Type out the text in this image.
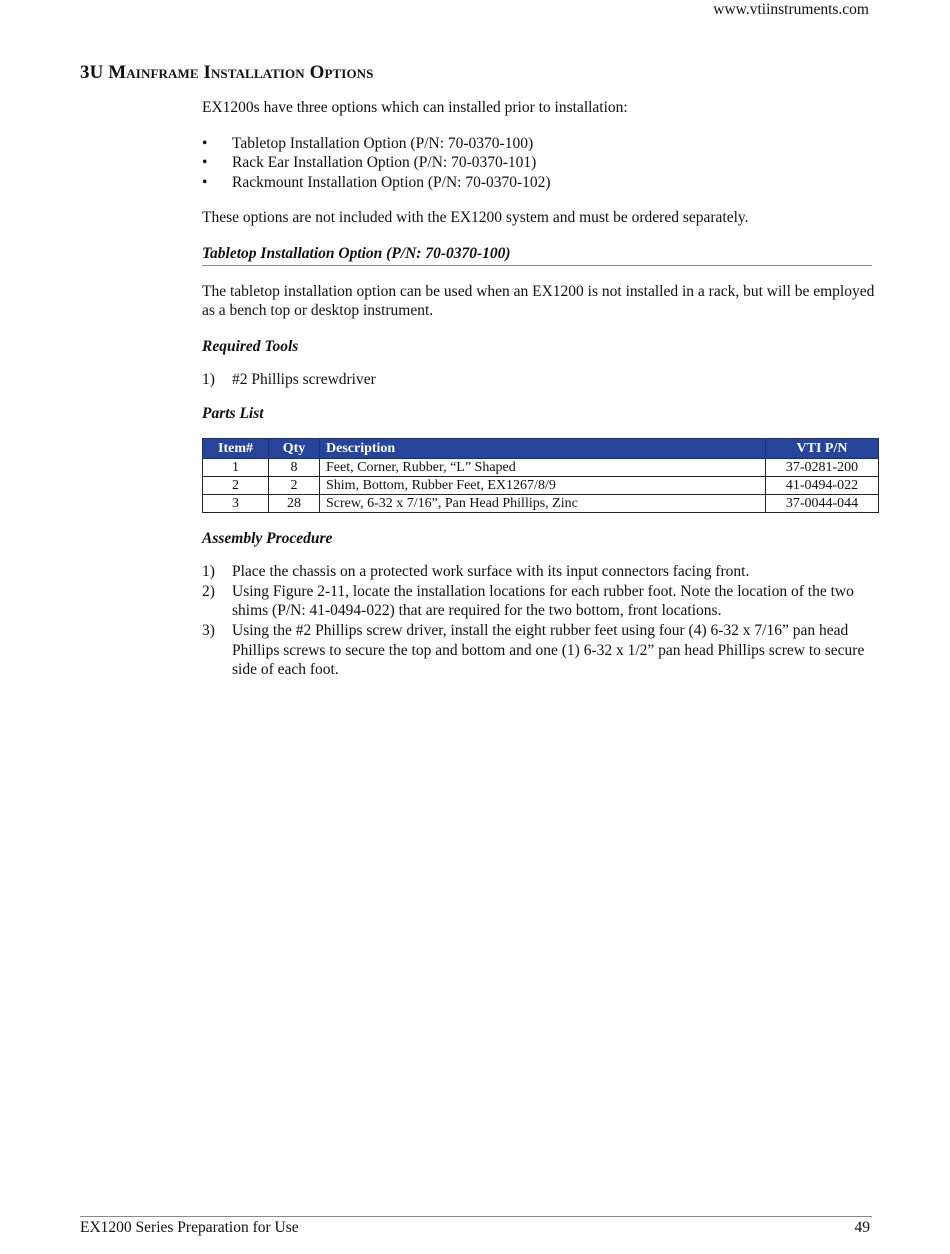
www.vtiinstruments.com
3U Mainframe Installation Options

EX1200s have three options which can installed prior to installation:

• Tabletop Installation Option (P/N: 70-0370-100)
• Rack Ear Installation Option (P/N: 70-0370-101)
• Rackmount Installation Option (P/N: 70-0370-102)

These options are not included with the EX1200 system and must be ordered separately.

Tabletop Installation Option (P/N: 70-0370-100)

The tabletop installation option can be used when an EX1200 is not installed in a rack, but will be employed as a bench top or desktop instrument.

Required Tools
1) #2 Phillips screwdriver
Parts List
Item#	Qty	Description	VTI P/N
1	8	Feet, Corner, Rubber, “L” Shaped	37-0281-200
2	2	Shim, Bottom, Rubber Feet, EX1267/8/9	41-0494-022
3	28	Screw, 6-32 x 7/16”, Pan Head Phillips, Zinc	37-0044-044
Assembly Procedure
1) Place the chassis on a protected work surface with its input connectors facing front.
2) Using Figure 2-11, locate the installation locations for each rubber foot. Note the location of the two shims (P/N: 41-0494-022) that are required for the two bottom, front locations.
3) Using the #2 Phillips screw driver, install the eight rubber feet using four (4) 6-32 x 7/16” pan head Phillips screws to secure the top and bottom and one (1) 6-32 x 1/2” pan head Phillips screw to secure side of each foot.
EX1200 Series Preparation for Use	49
